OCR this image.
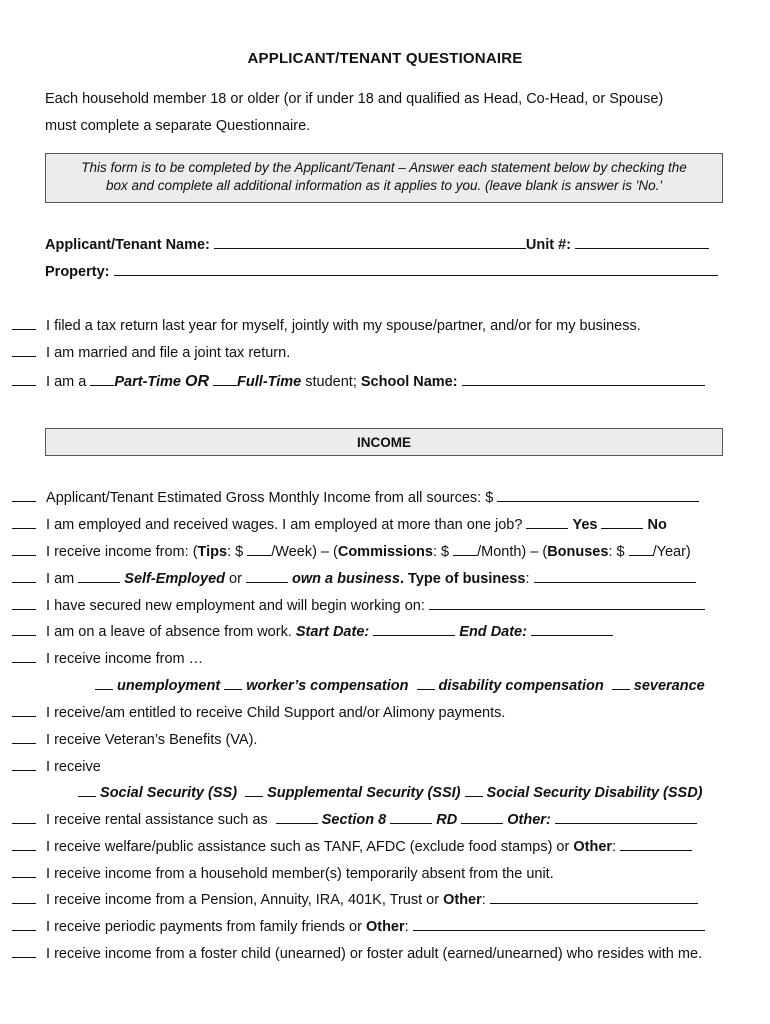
APPLICANT/TENANT QUESTIONAIRE
Each household member 18 or older (or if under 18 and qualified as Head, Co-Head, or Spouse)
must complete a separate Questionnaire.
This form is to be completed by the Applicant/Tenant – Answer each statement below by checking the
box and complete all additional information as it applies to you. (leave blank is answer is 'No.'
Applicant/Tenant Name:	Unit #:
Property:
I filed a tax return last year for myself, jointly with my spouse/partner, and/or for my business.
I am married and file a joint tax return.
I am a Part-Time OR Full-Time student; School Name:
INCOME
Applicant/Tenant Estimated Gross Monthly Income from all sources: $
I am employed and received wages. I am employed at more than one job?	Yes	No
I receive income from: (Tips: $ /Week) – (Commissions: $ /Month) – (Bonuses: $ /Year)
I am	Self-Employed or	own a business. Type of business:
I have secured new employment and will begin working on:
I am on a leave of absence from work. Start Date:	End Date:
I receive income from …
unemployment worker’s compensation disability compensation severance
I receive/am entitled to receive Child Support and/or Alimony payments.
I receive Veteran’s Benefits (VA).
I receive
Social Security (SS) Supplemental Security (SSI) Social Security Disability (SSD)
I receive rental assistance such as	Section 8	RD	Other:
I receive welfare/public assistance such as TANF, AFDC (exclude food stamps) or Other:
I receive income from a household member(s) temporarily absent from the unit.
I receive income from a Pension, Annuity, IRA, 401K, Trust or Other:
I receive periodic payments from family friends or Other:
I receive income from a foster child (unearned) or foster adult (earned/unearned) who resides with me.
